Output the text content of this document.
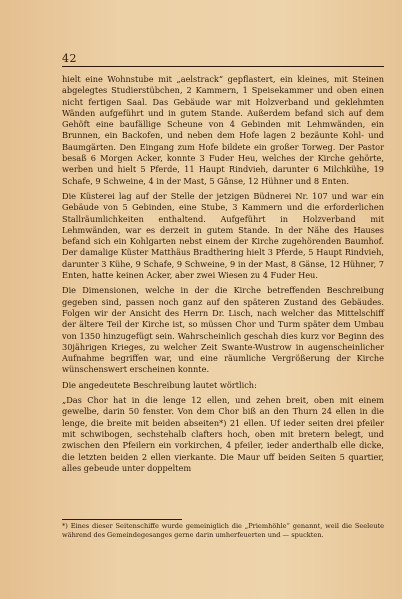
42

hielt eine Wohnstube mit „aelstrack“ gepflastert, ein kleines, mit Steinen abgelegtes Studierstübchen, 2 Kammern, 1 Speisekammer und oben einen nicht fertigen Saal. Das Gebäude war mit Holzverband und geklehmten Wänden aufgeführt und in gutem Stande. Außerdem befand sich auf dem Gehöft eine baufällige Scheune von 4 Gebinden mit Lehmwänden, ein Brunnen, ein Backofen, und neben dem Hofe lagen 2 bezäunte Kohl- und Baumgärten. Den Eingang zum Hofe bildete ein großer Torweg. Der Pastor besaß 6 Morgen Acker, konnte 3 Fuder Heu, welches der Kirche gehörte, werben und hielt 5 Pferde, 11 Haupt Rindvieh, darunter 6 Milchkühe, 19 Schafe, 9 Schweine, 4 in der Mast, 5 Gänse, 12 Hühner und 8 Enten.

Die Küsterei lag auf der Stelle der jetzigen Büdnerei Nr. 107 und war ein Gebäude von 5 Gebinden, eine Stube, 3 Kammern und die erforderlichen Stallräumlichkeiten enthaltend. Aufgeführt in Holzverband mit Lehmwänden, war es derzeit in gutem Stande. In der Nähe des Hauses befand sich ein Kohlgarten nebst einem der Kirche zugehörenden Baumhof. Der damalige Küster Matthäus Bradthering hielt 3 Pferde, 5 Haupt Rindvieh, darunter 3 Kühe, 9 Schafe, 9 Schweine, 9 in der Mast, 8 Gänse, 12 Hühner, 7 Enten, hatte keinen Acker, aber zwei Wiesen zu 4 Fuder Heu.

Die Dimensionen, welche in der die Kirche betreffenden Beschreibung gegeben sind, passen noch ganz auf den späteren Zustand des Gebäudes. Folgen wir der Ansicht des Herrn Dr. Lisch, nach welcher das Mittelschiff der ältere Teil der Kirche ist, so müssen Chor und Turm später dem Umbau von 1350 hinzugefügt sein. Wahrscheinlich geschah dies kurz vor Beginn des 30jährigen Krieges, zu welcher Zeit Swante-Wustrow in augenscheinlicher Aufnahme begriffen war, und eine räumliche Vergrößerung der Kirche wünschenswert erscheinen konnte.

Die angedeutete Beschreibung lautet wörtlich:

„Das Chor hat in die lenge 12 ellen, und zehen breit, oben mit einem gewelbe, darin 50 fenster. Von dem Chor biß an den Thurn 24 ellen in die lenge, die breite mit beiden abseiten*) 21 ellen. Uf ieder seiten drei pfeiler mit schwibogen, sechstehalb clafters hoch, oben mit bretern belegt, und zwischen den Pfeilern ein vorkirchen, 4 pfeiler, ieder anderthalb elle dicke, die letzten beiden 2 ellen vierkante. Die Maur uff beiden Seiten 5 quartier, alles gebeude unter doppeltem

*) Eines dieser Seitenschiffe wurde gemeiniglich die „Priemhöhle“ genannt, weil die Seeleute während des Gemeindegesanges gerne darin umherfeuerten und — spuckten.
